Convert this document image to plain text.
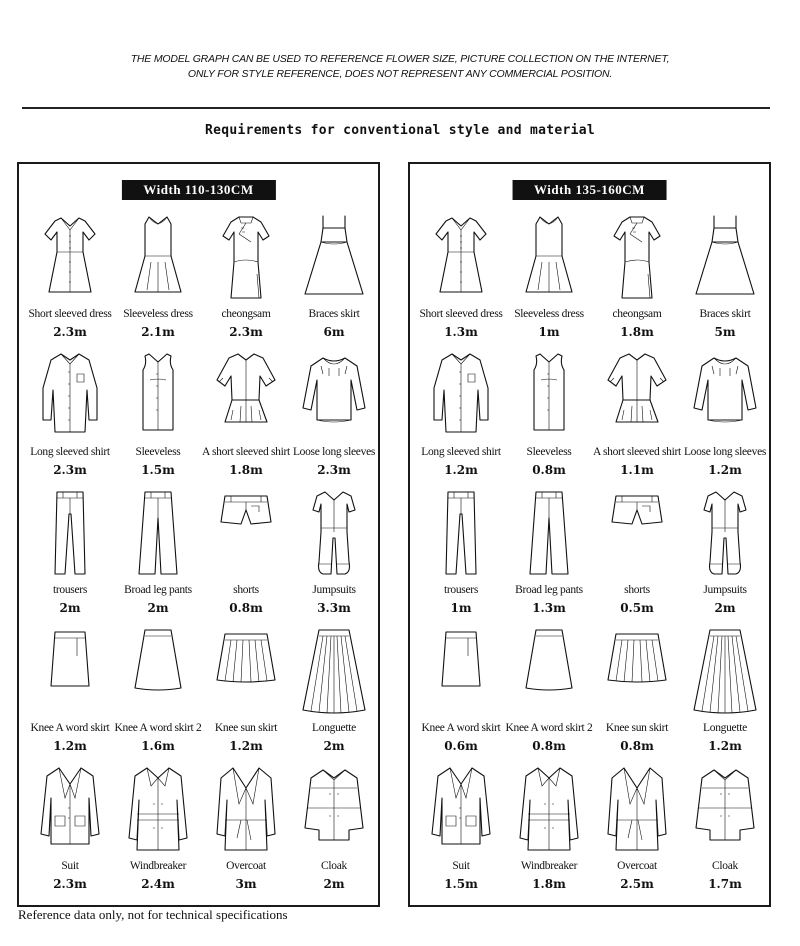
THE MODEL GRAPH CAN BE USED TO REFERENCE FLOWER SIZE, PICTURE COLLECTION ON THE INTERNET,
ONLY FOR STYLE REFERENCE, DOES NOT REPRESENT ANY COMMERCIAL POSITION.
Requirements for conventional style and material
Width 110-130CM
Short sleeved dress
2.3m
Sleeveless dress
2.1m
cheongsam
2.3m
Braces skirt
6m
Long sleeved shirt
2.3m
Sleeveless
1.5m
A short sleeved shirt
1.8m
Loose long sleeves
2.3m
trousers
2m
Broad leg pants
2m
shorts
0.8m
Jumpsuits
3.3m
Knee A word skirt
1.2m
Knee A word skirt 2
1.6m
Knee sun skirt
1.2m
Longuette
2m
Suit
2.3m
Windbreaker
2.4m
Overcoat
3m
Cloak
2m
Width 135-160CM
Short sleeved dress
1.3m
Sleeveless dress
1m
cheongsam
1.8m
Braces skirt
5m
Long sleeved shirt
1.2m
Sleeveless
0.8m
A short sleeved shirt
1.1m
Loose long sleeves
1.2m
trousers
1m
Broad leg pants
1.3m
shorts
0.5m
Jumpsuits
2m
Knee A word skirt
0.6m
Knee A word skirt 2
0.8m
Knee sun skirt
0.8m
Longuette
1.2m
Suit
1.5m
Windbreaker
1.8m
Overcoat
2.5m
Cloak
1.7m
Reference data only, not for technical specifications
